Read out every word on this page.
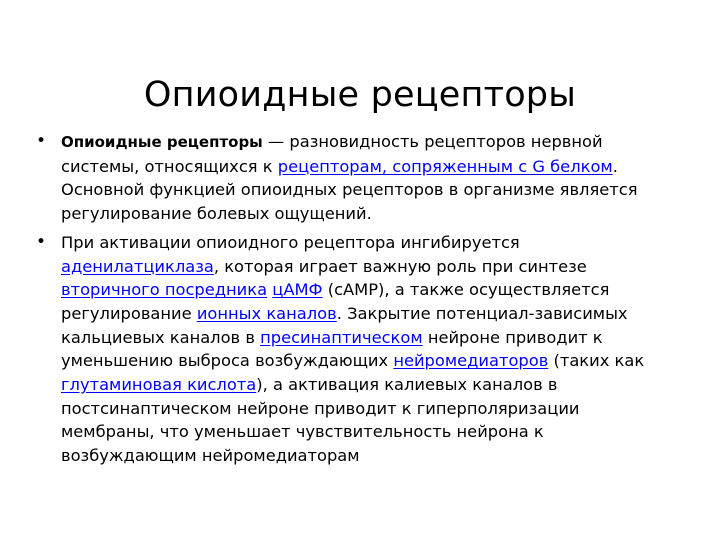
Опиоидные рецепторы
• Опиоидные рецепторы — разновидность рецепторов нервной системы, относящихся к рецепторам, сопряженным с G белком. Основной функцией опиоидных рецепторов в организме является регулирование болевых ощущений.
• При активации опиоидного рецептора ингибируется аденилатциклаза, которая играет важную роль при синтезе вторичного посредника цАМФ (cAMP), а также осуществляется регулирование ионных каналов. Закрытие потенциал-зависимых кальциевых каналов в пресинаптическом нейроне приводит к уменьшению выброса возбуждающих нейромедиаторов (таких как глутаминовая кислота), а активация калиевых каналов в постсинаптическом нейроне приводит к гиперполяризации мембраны, что уменьшает чувствительность нейрона к возбуждающим нейромедиаторам
